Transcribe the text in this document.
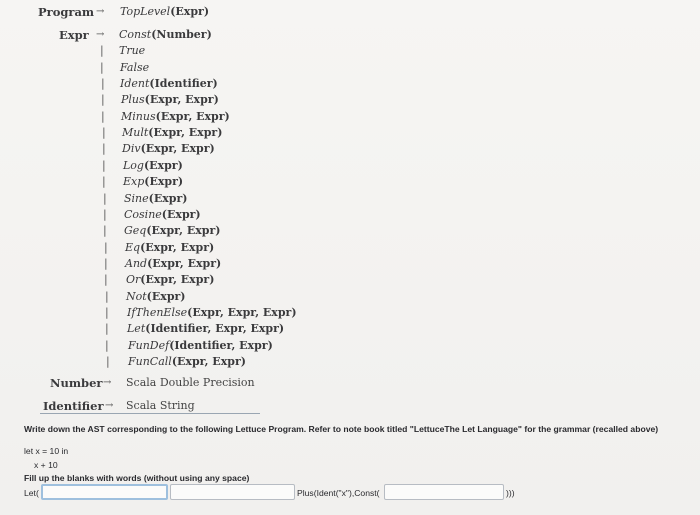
Program → TopLevel(Expr)
Expr → Const(Number)
| True
| False
| Ident(Identifier)
| Plus(Expr, Expr)
| Minus(Expr, Expr)
| Mult(Expr, Expr)
| Div(Expr, Expr)
| Log(Expr)
| Exp(Expr)
| Sine(Expr)
| Cosine(Expr)
| Geq(Expr, Expr)
| Eq(Expr, Expr)
| And(Expr, Expr)
| Or(Expr, Expr)
| Not(Expr)
| IfThenElse(Expr, Expr, Expr)
| Let(Identifier, Expr, Expr)
| FunDef(Identifier, Expr)
| FunCall(Expr, Expr)
Number → Scala Double Precision
Identifier → Scala String
Write down the AST corresponding to the following Lettuce Program. Refer to note book titled "LettuceThe Let Language" for the grammar (recalled above)
let x = 10 in
x + 10
Fill up the blanks with words (without using any space)
Let(	Plus(Ident("x"),Const(	)))
